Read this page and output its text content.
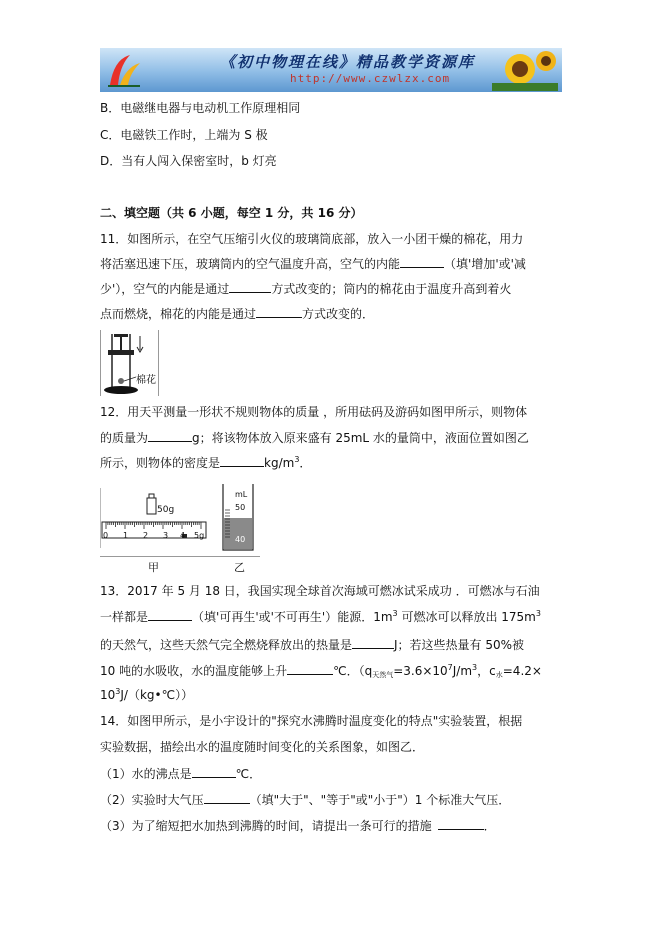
《初中物理在线》精品教学资源库
http://www.czwlzx.com
B．电磁继电器与电动机工作原理相同
C．电磁铁工作时，上端为 S 极
D．当有人闯入保密室时，b 灯亮
二、填空题（共 6 小题，每空 1 分，共 16 分）
11．如图所示，在空气压缩引火仪的玻璃筒底部，放入一小团干燥的棉花，用力
将活塞迅速下压，玻璃筒内的空气温度升高，空气的内能	（填'增加'或'减
少'），空气的内能是通过	方式改变的；筒内的棉花由于温度升高到着火
点而燃烧，棉花的内能是通过	方式改变的．
棉花
12．用天平测量一形状不规则物体的质量 ，所用砝码及游码如图甲所示，则物体
的质量为	g；将该物体放入原来盛有 25mL 水的量筒中，液面位置如图乙
所示，则物体的密度是	$kg/m^3$．
50g
0 1 2 3 4 5g
mL
50
40
甲	乙
13．2017 年 5 月 18 日，我国实现全球首次海域可燃冰试采成功 ．可燃冰与石油
一样都是	（填'可再生'或'不可再生'）能源．$1m^3$ 可燃冰可以释放出 $175m^3$
的天然气，这些天然气完全燃烧释放出的热量是	J；若这些热量有 50%被
10 吨的水吸收，水的温度能够上升	℃．（$q_{天然气}=3.6\times 10^7J/m^3$，$c_水=4.2\times$
$10^3J/(kg•℃)$）
14．如图甲所示，是小宇设计的"探究水沸腾时温度变化的特点"实验装置，根据
实验数据，描绘出水的温度随时间变化的关系图象，如图乙．
（1）水的沸点是	℃．
（2）实验时大气压	（填"大于"、"等于"或"小于"）1 个标准大气压．
（3）为了缩短把水加热到沸腾的时间，请提出一条可行的措施	．
